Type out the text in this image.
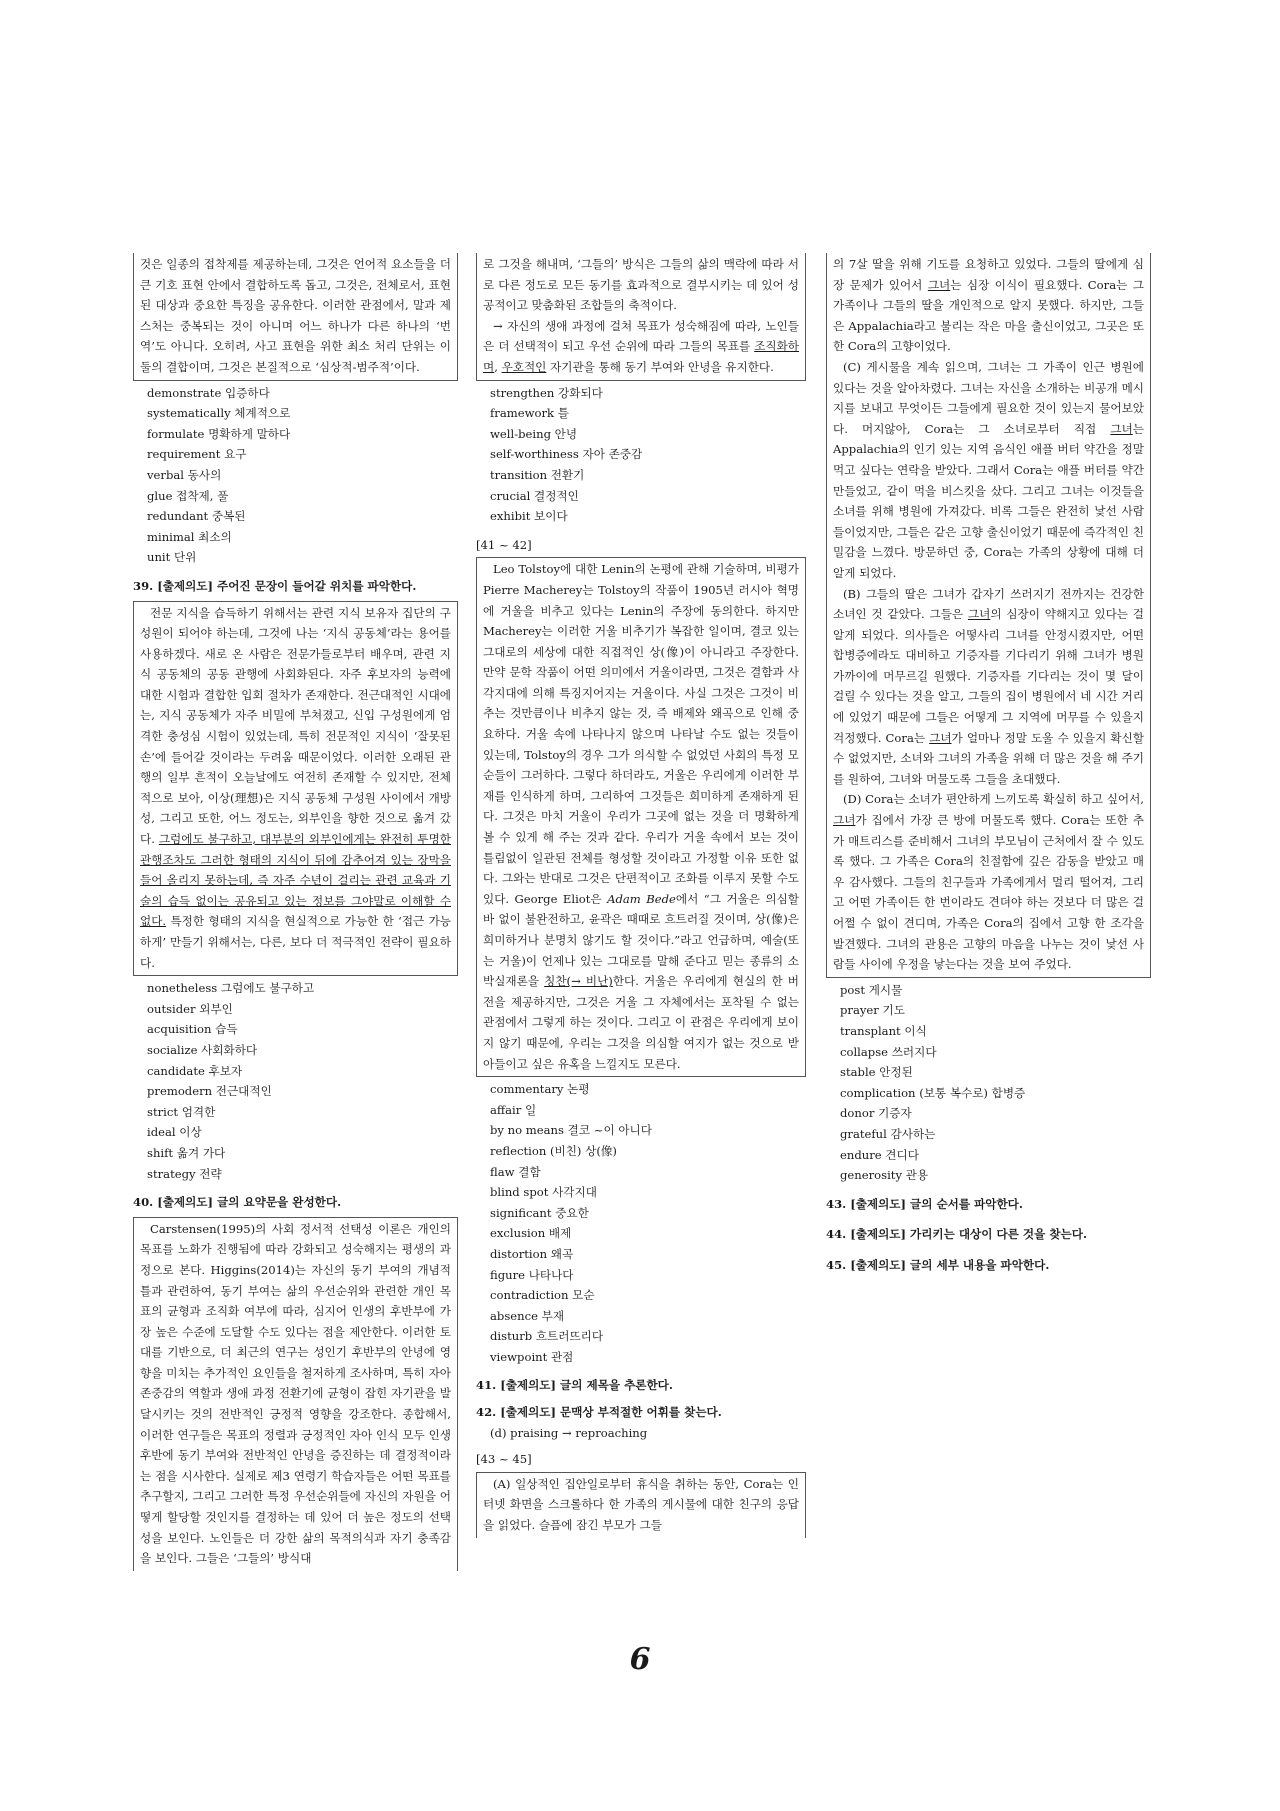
것은 일종의 접착제를 제공하는데, 그것은 언어적 요소들을 더 큰 기호 표현 안에서 결합하도록 돕고, 그것은, 전체로서, 표현된 대상과 중요한 특징을 공유한다. 이러한 관점에서, 말과 제스처는 중복되는 것이 아니며 어느 하나가 다른 하나의 ‘번역’도 아니다. 오히려, 사고 표현을 위한 최소 처리 단위는 이 둘의 결합이며, 그것은 본질적으로 ‘심상적-범주적’이다.

demonstrate 입증하다
systematically 체계적으로
formulate 명확하게 말하다
requirement 요구
verbal 동사의
glue 접착제, 풀
redundant 중복된
minimal 최소의
unit 단위
39. [출제의도] 주어진 문장이 들어갈 위치를 파악한다.

전문 지식을 습득하기 위해서는 관련 지식 보유자 집단의 구성원이 되어야 하는데, 그것에 나는 ‘지식 공동체’라는 용어를 사용하겠다. 새로 온 사람은 전문가들로부터 배우며, 관련 지식 공동체의 공동 관행에 사회화된다. 자주 후보자의 능력에 대한 시험과 결합한 입회 절차가 존재한다. 전근대적인 시대에는, 지식 공동체가 자주 비밀에 부쳐졌고, 신입 구성원에게 엄격한 충성심 시험이 있었는데, 특히 전문적인 지식이 ‘잘못된 손’에 들어갈 것이라는 두려움 때문이었다. 이러한 오래된 관행의 일부 흔적이 오늘날에도 여전히 존재할 수 있지만, 전체적으로 보아, 이상(理想)은 지식 공동체 구성원 사이에서 개방성, 그리고 또한, 어느 정도는, 외부인을 향한 것으로 옮겨 갔다. 그럼에도 불구하고, 대부분의 외부인에게는 완전히 투명한 관행조차도 그러한 형태의 지식이 뒤에 감추어져 있는 장막을 들어 올리지 못하는데, 즉 자주 수년이 걸리는 관련 교육과 기술의 습득 없이는 공유되고 있는 정보를 그야말로 이해할 수 없다. 특정한 형태의 지식을 현실적으로 가능한 한 ‘접근 가능하게’ 만들기 위해서는, 다른, 보다 더 적극적인 전략이 필요하다.

nonetheless 그럼에도 불구하고
outsider 외부인
acquisition 습득
socialize 사회화하다
candidate 후보자
premodern 전근대적인
strict 엄격한
ideal 이상
shift 옮겨 가다
strategy 전략
40. [출제의도] 글의 요약문을 완성한다.

Carstensen(1995)의 사회 정서적 선택성 이론은 개인의 목표를 노화가 진행됨에 따라 강화되고 성숙해지는 평생의 과정으로 본다. Higgins(2014)는 자신의 동기 부여의 개념적 틀과 관련하여, 동기 부여는 삶의 우선순위와 관련한 개인 목표의 균형과 조직화 여부에 따라, 심지어 인생의 후반부에 가장 높은 수준에 도달할 수도 있다는 점을 제안한다. 이러한 토대를 기반으로, 더 최근의 연구는 성인기 후반부의 안녕에 영향을 미치는 추가적인 요인들을 철저하게 조사하며, 특히 자아 존중감의 역할과 생애 과정 전환기에 균형이 잡힌 자기관을 발달시키는 것의 전반적인 긍정적 영향을 강조한다. 종합해서, 이러한 연구들은 목표의 정렬과 긍정적인 자아 인식 모두 인생 후반에 동기 부여와 전반적인 안녕을 증진하는 데 결정적이라는 점을 시사한다. 실제로 제3 연령기 학습자들은 어떤 목표를 추구할지, 그리고 그러한 특정 우선순위들에 자신의 자원을 어떻게 할당할 것인지를 결정하는 데 있어 더 높은 정도의 선택성을 보인다. 노인들은 더 강한 삶의 목적의식과 자기 충족감을 보인다. 그들은 ‘그들의’ 방식대

로 그것을 해내며, ‘그들의’ 방식은 그들의 삶의 맥락에 따라 서로 다른 정도로 모든 동기를 효과적으로 결부시키는 데 있어 성공적이고 맞춤화된 조합들의 축적이다.

→ 자신의 생애 과정에 걸쳐 목표가 성숙해짐에 따라, 노인들은 더 선택적이 되고 우선 순위에 따라 그들의 목표를 조직화하며, 우호적인 자기관을 통해 동기 부여와 안녕을 유지한다.

strengthen 강화되다
framework 틀
well-being 안녕
self-worthiness 자아 존중감
transition 전환기
crucial 결정적인
exhibit 보이다
[41 ~ 42]

Leo Tolstoy에 대한 Lenin의 논평에 관해 기술하며, 비평가 Pierre Macherey는 Tolstoy의 작품이 1905년 러시아 혁명에 거울을 비추고 있다는 Lenin의 주장에 동의한다. 하지만 Macherey는 이러한 거울 비추기가 복잡한 일이며, 결코 있는 그대로의 세상에 대한 직접적인 상(像)이 아니라고 주장한다. 만약 문학 작품이 어떤 의미에서 거울이라면, 그것은 결함과 사각지대에 의해 특징지어지는 거울이다. 사실 그것은 그것이 비추는 것만큼이나 비추지 않는 것, 즉 배제와 왜곡으로 인해 중요하다. 거울 속에 나타나지 않으며 나타날 수도 없는 것들이 있는데, Tolstoy의 경우 그가 의식할 수 없었던 사회의 특정 모순들이 그러하다. 그렇다 하더라도, 거울은 우리에게 이러한 부재를 인식하게 하며, 그리하여 그것들은 희미하게 존재하게 된다. 그것은 마치 거울이 우리가 그곳에 없는 것을 더 명확하게 볼 수 있게 해 주는 것과 같다. 우리가 거울 속에서 보는 것이 틀림없이 일관된 전체를 형성할 것이라고 가정할 이유 또한 없다. 그와는 반대로 그것은 단편적이고 조화를 이루지 못할 수도 있다. George Eliot은 Adam Bede에서 “그 거울은 의심할 바 없이 불완전하고, 윤곽은 때때로 흐트러질 것이며, 상(像)은 희미하거나 분명치 않기도 할 것이다.”라고 언급하며, 예술(또는 거울)이 언제나 있는 그대로를 말해 준다고 믿는 종류의 소박실재론을 칭찬(→ 비난)한다. 거울은 우리에게 현실의 한 버전을 제공하지만, 그것은 거울 그 자체에서는 포착될 수 없는 관점에서 그렇게 하는 것이다. 그리고 이 관점은 우리에게 보이지 않기 때문에, 우리는 그것을 의심할 여지가 없는 것으로 받아들이고 싶은 유혹을 느낄지도 모른다.

commentary 논평
affair 일
by no means 결코 ~이 아니다
reflection (비친) 상(像)
flaw 결함
blind spot 사각지대
significant 중요한
exclusion 배제
distortion 왜곡
figure 나타나다
contradiction 모순
absence 부재
disturb 흐트러뜨리다
viewpoint 관점
41. [출제의도] 글의 제목을 추론한다.
42. [출제의도] 문맥상 부적절한 어휘를 찾는다.
(d) praising → reproaching
[43 ~ 45]

(A) 일상적인 집안일로부터 휴식을 취하는 동안, Cora는 인터넷 화면을 스크롤하다 한 가족의 게시물에 대한 친구의 응답을 읽었다. 슬픔에 잠긴 부모가 그들

의 7살 딸을 위해 기도를 요청하고 있었다. 그들의 딸에게 심장 문제가 있어서 그녀는 심장 이식이 필요했다. Cora는 그 가족이나 그들의 딸을 개인적으로 알지 못했다. 하지만, 그들은 Appalachia라고 불리는 작은 마을 출신이었고, 그곳은 또한 Cora의 고향이었다.

(C) 게시물을 계속 읽으며, 그녀는 그 가족이 인근 병원에 있다는 것을 알아차렸다. 그녀는 자신을 소개하는 비공개 메시지를 보내고 무엇이든 그들에게 필요한 것이 있는지 물어보았다. 머지않아, Cora는 그 소녀로부터 직접 그녀는 Appalachia의 인기 있는 지역 음식인 애플 버터 약간을 정말 먹고 싶다는 연락을 받았다. 그래서 Cora는 애플 버터를 약간 만들었고, 같이 먹을 비스킷을 샀다. 그리고 그녀는 이것들을 소녀를 위해 병원에 가져갔다. 비록 그들은 완전히 낯선 사람들이었지만, 그들은 같은 고향 출신이었기 때문에 즉각적인 친밀감을 느꼈다. 방문하던 중, Cora는 가족의 상황에 대해 더 알게 되었다.

(B) 그들의 딸은 그녀가 갑자기 쓰러지기 전까지는 건강한 소녀인 것 같았다. 그들은 그녀의 심장이 약해지고 있다는 걸 알게 되었다. 의사들은 어떻사리 그녀를 안정시켰지만, 어떤 합병증에라도 대비하고 기증자를 기다리기 위해 그녀가 병원 가까이에 머무르길 원했다. 기증자를 기다리는 것이 몇 달이 걸릴 수 있다는 것을 알고, 그들의 집이 병원에서 네 시간 거리에 있었기 때문에 그들은 어떻게 그 지역에 머무를 수 있을지 걱정했다. Cora는 그녀가 얼마나 정말 도울 수 있을지 확신할 수 없었지만, 소녀와 그녀의 가족을 위해 더 많은 것을 해 주기를 원하여, 그녀와 머물도록 그들을 초대했다.

(D) Cora는 소녀가 편안하게 느끼도록 확실히 하고 싶어서, 그녀가 집에서 가장 큰 방에 머물도록 했다. Cora는 또한 추가 매트리스를 준비해서 그녀의 부모님이 근처에서 잘 수 있도록 했다. 그 가족은 Cora의 친절함에 깊은 감동을 받았고 매우 감사했다. 그들의 친구들과 가족에게서 멀리 떨어져, 그리고 어떤 가족이든 한 번이라도 견뎌야 하는 것보다 더 많은 걸 어쩔 수 없이 견디며, 가족은 Cora의 집에서 고향 한 조각을 발견했다. 그녀의 관용은 고향의 마음을 나누는 것이 낯선 사람들 사이에 우정을 낳는다는 것을 보여 주었다.

post 게시물
prayer 기도
transplant 이식
collapse 쓰러지다
stable 안정된
complication (보통 복수로) 합병증
donor 기증자
grateful 감사하는
endure 견디다
generosity 관용
43. [출제의도] 글의 순서를 파악한다.
44. [출제의도] 가리키는 대상이 다른 것을 찾는다.
45. [출제의도] 글의 세부 내용을 파악한다.
6
